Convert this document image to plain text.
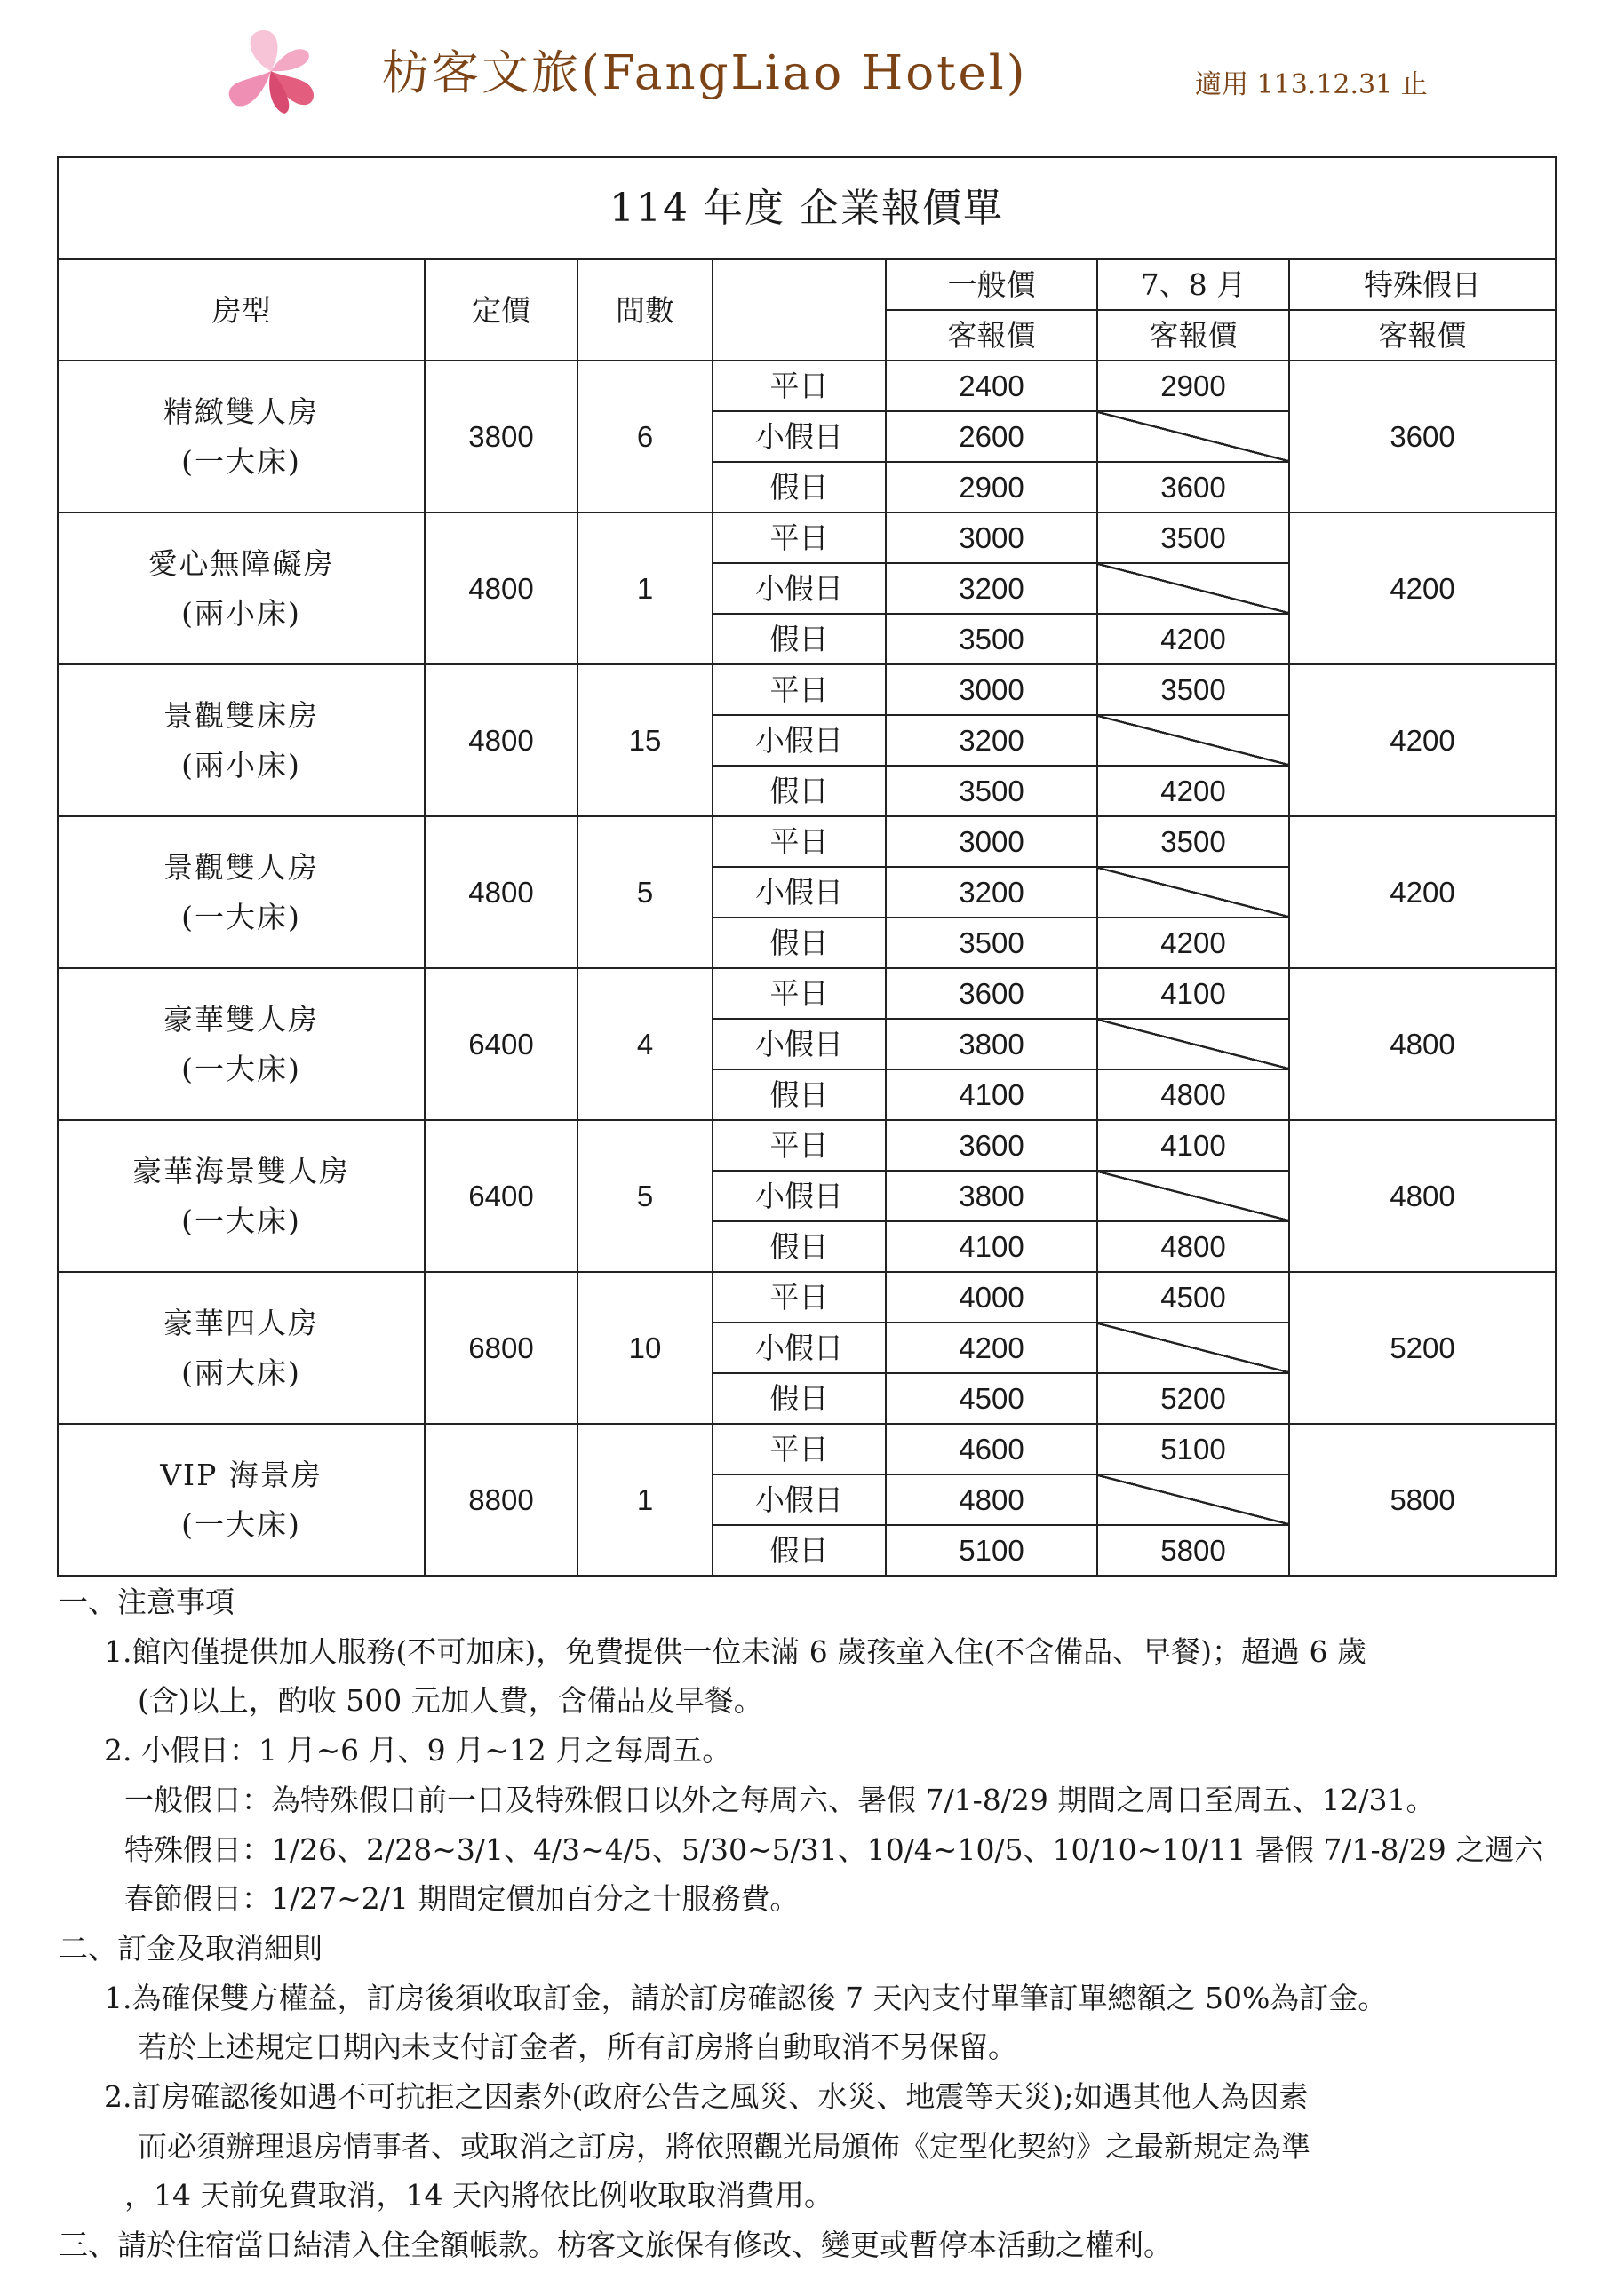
枋客文旅(FangLiao Hotel)	適用 113.12.31 止
114 年度 企業報價單						
房型	定價	間數		一般價	7、8 月	特殊假日
				客報價	客報價	客報價

精緻雙人房
(一大床)	3800	6	平日	2400	2900	3600
			小假日	2600		
			假日	2900	3600	

愛心無障礙房
(兩小床)	4800	1	平日	3000	3500	4200
			小假日	3200		
			假日	3500	4200	

景觀雙床房
(兩小床)	4800	15	平日	3000	3500	4200
			小假日	3200		
			假日	3500	4200	

景觀雙人房
(一大床)	4800	5	平日	3000	3500	4200
			小假日	3200		
			假日	3500	4200	

豪華雙人房
(一大床)	6400	4	平日	3600	4100	4800
			小假日	3800		
			假日	4100	4800	

豪華海景雙人房
(一大床)	6400	5	平日	3600	4100	4800
			小假日	3800		
			假日	4100	4800	

豪華四人房
(兩大床)	6800	10	平日	4000	4500	5200
			小假日	4200		
			假日	4500	5200	

VIP 海景房
(一大床)	8800	1	平日	4600	5100	5800
			小假日	4800		
			假日	5100	5800	
一、注意事項
1.館內僅提供加人服務(不可加床)，免費提供一位未滿 6 歲孩童入住(不含備品、早餐)；超過 6 歲
(含)以上，酌收 500 元加人費，含備品及早餐。
2. 小假日：1 月~6 月、9 月~12 月之每周五。
一般假日：為特殊假日前一日及特殊假日以外之每周六、暑假 7/1-8/29 期間之周日至周五、12/31。
特殊假日：1/26、2/28~3/1、4/3~4/5、5/30~5/31、10/4~10/5、10/10~10/11 暑假 7/1-8/29 之週六
春節假日：1/27~2/1 期間定價加百分之十服務費。
二、訂金及取消細則
1.為確保雙方權益，訂房後須收取訂金，請於訂房確認後 7 天內支付單筆訂單總額之 50%為訂金。
若於上述規定日期內未支付訂金者，所有訂房將自動取消不另保留。
2.訂房確認後如遇不可抗拒之因素外(政府公告之風災、水災、地震等天災);如遇其他人為因素
而必須辦理退房情事者、或取消之訂房，將依照觀光局頒佈《定型化契約》之最新規定為準
，14 天前免費取消，14 天內將依比例收取取消費用。
三、請於住宿當日結清入住全額帳款。枋客文旅保有修改、變更或暫停本活動之權利。
